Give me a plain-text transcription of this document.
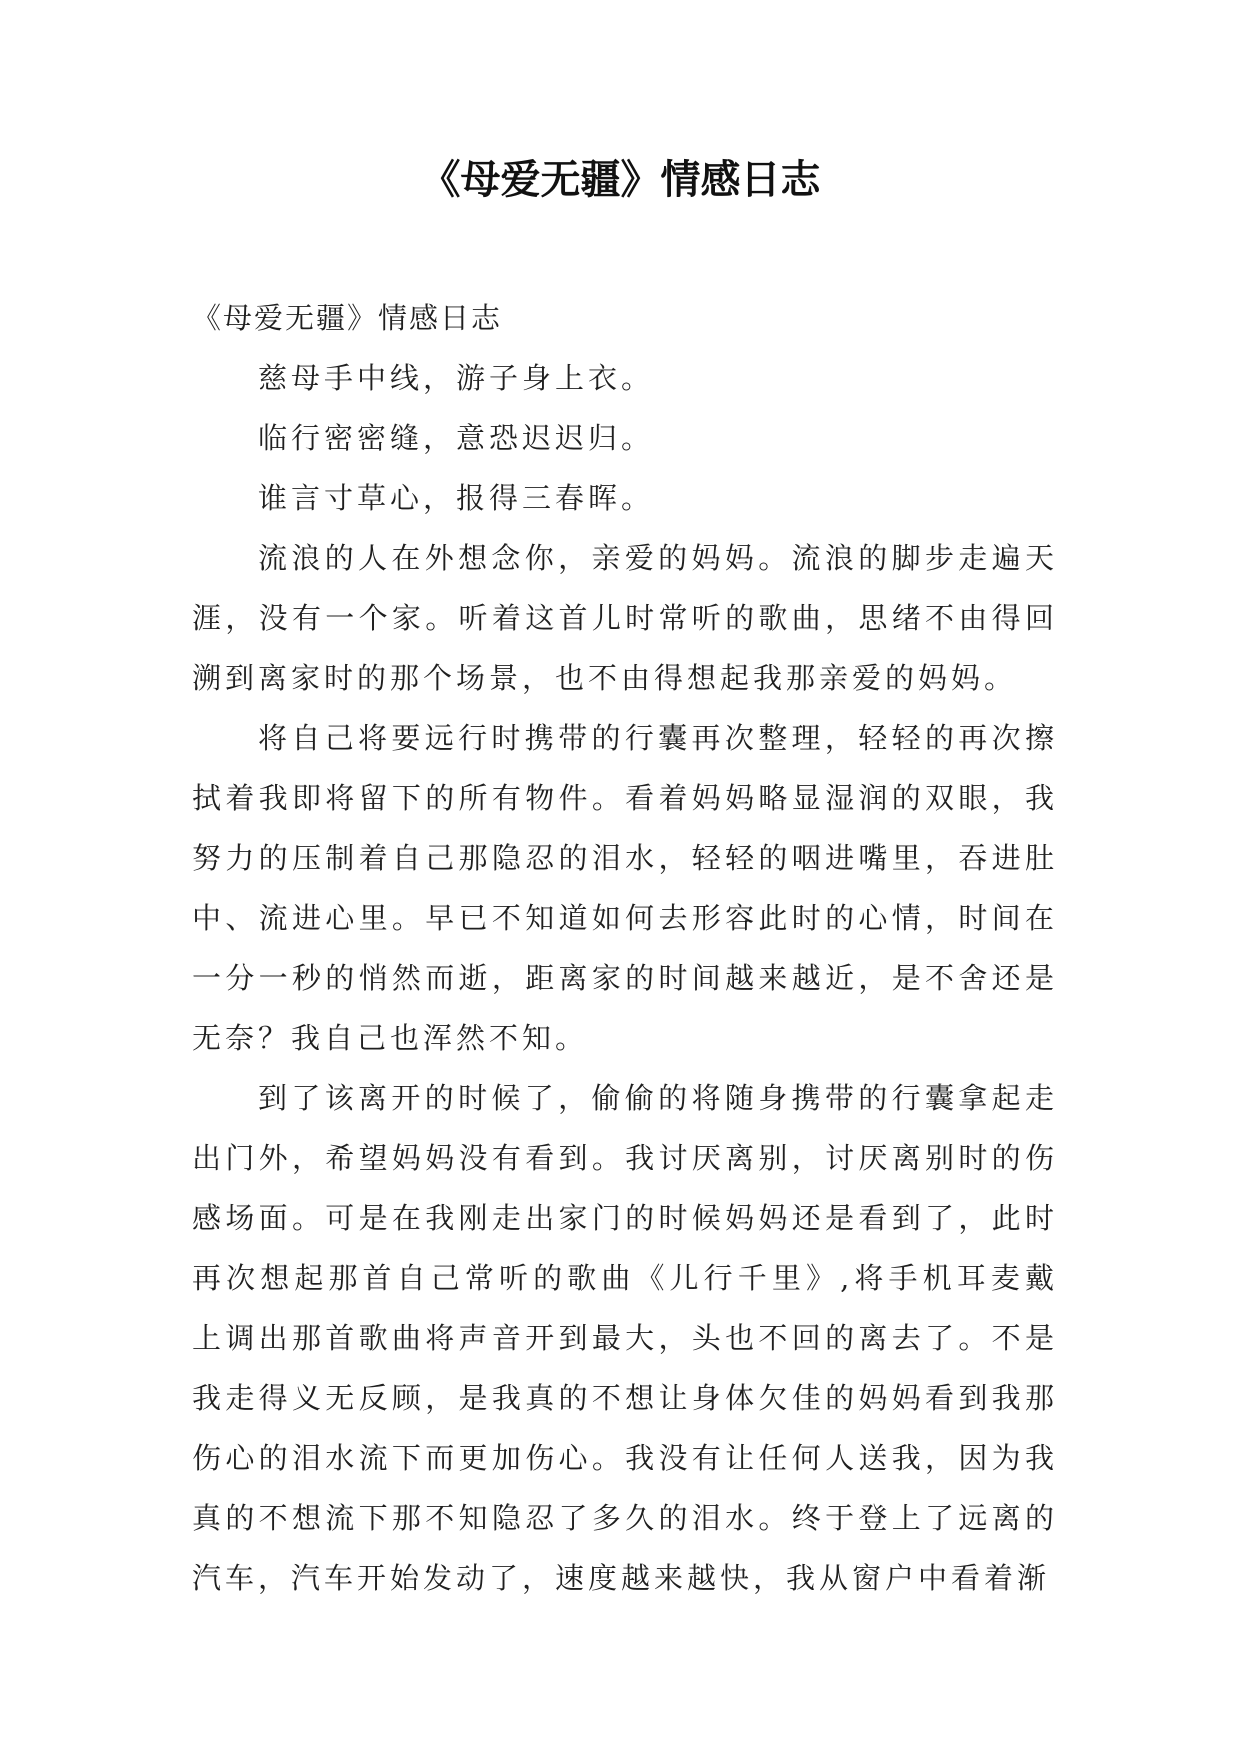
《母爱无疆》情感日志

《母爱无疆》情感日志

慈母手中线，游子身上衣。

临行密密缝，意恐迟迟归。

谁言寸草心，报得三春晖。

流浪的人在外想念你，亲爱的妈妈。流浪的脚步走遍天涯，没有一个家。听着这首儿时常听的歌曲，思绪不由得回溯到离家时的那个场景，也不由得想起我那亲爱的妈妈。

将自己将要远行时携带的行囊再次整理，轻轻的再次擦拭着我即将留下的所有物件。看着妈妈略显湿润的双眼，我努力的压制着自己那隐忍的泪水，轻轻的咽进嘴里，吞进肚中、流进心里。早已不知道如何去形容此时的心情，时间在一分一秒的悄然而逝，距离家的时间越来越近，是不舍还是无奈？我自己也浑然不知。

到了该离开的时候了，偷偷的将随身携带的行囊拿起走出门外，希望妈妈没有看到。我讨厌离别，讨厌离别时的伤感场面。可是在我刚走出家门的时候妈妈还是看到了，此时再次想起那首自己常听的歌曲《儿行千里》,将手机耳麦戴上调出那首歌曲将声音开到最大，头也不回的离去了。不是我走得义无反顾，是我真的不想让身体欠佳的妈妈看到我那伤心的泪水流下而更加伤心。我没有让任何人送我，因为我真的不想流下那不知隐忍了多久的泪水。终于登上了远离的汽车，汽车开始发动了，速度越来越快，我从窗户中看着渐
